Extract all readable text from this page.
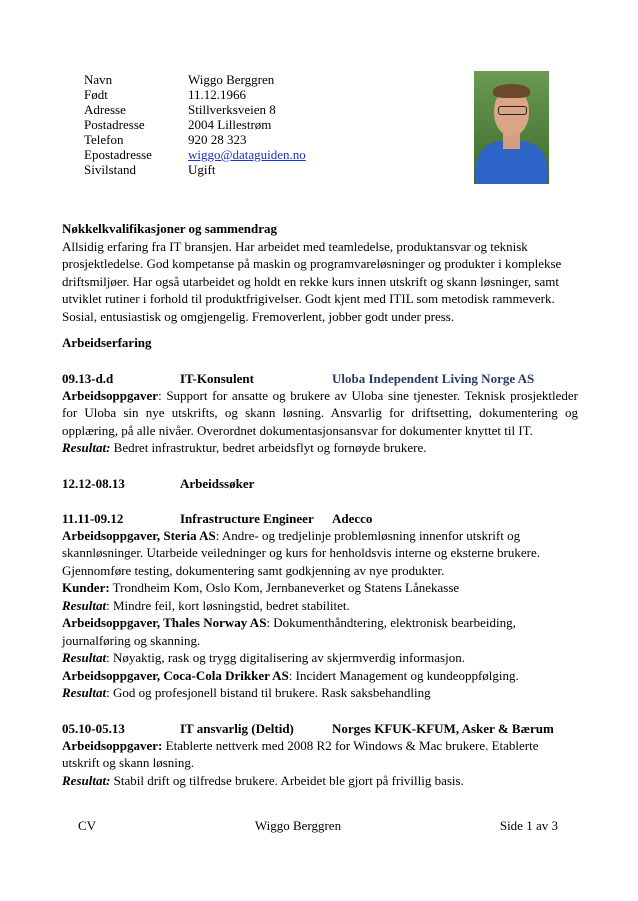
Navn	Wiggo Berggren
Født	11.12.1966
Adresse	Stillverksveien 8
Postadresse	2004 Lillestrøm
Telefon	920 28 323
Epostadresse	wiggo@dataguiden.no
Sivilstand	Ugift

Nøkkelkvalifikasjoner og sammendrag

Allsidig erfaring fra IT bransjen. Har arbeidet med teamledelse, produktansvar og teknisk prosjektledelse. God kompetanse på maskin og programvareløsninger og produkter i komplekse driftsmiljøer. Har også utarbeidet og holdt en rekke kurs innen utskrift og skann løsninger, samt utviklet rutiner i forhold til produktfrigivelser. Godt kjent med ITIL som metodisk rammeverk. Sosial, entusiastisk og omgjengelig. Fremoverlent, jobber godt under press.

Arbeidserfaring

09.13-d.d	IT-Konsulent	Uloba Independent Living Norge AS

Arbeidsoppgaver: Support for ansatte og brukere av Uloba sine tjenester. Teknisk prosjektleder for Uloba sin nye utskrifts, og skann løsning. Ansvarlig for driftsetting, dokumentering og opplæring, på alle nivåer. Overordnet dokumentasjonsansvar for dokumenter knyttet til IT.

Resultat: Bedret infrastruktur, bedret arbeidsflyt og fornøyde brukere.

12.12-08.13	Arbeidssøker
11.11-09.12	Infrastructure Engineer	Adecco

Arbeidsoppgaver, Steria AS: Andre- og tredjelinje problemløsning innenfor utskrift og skannløsninger. Utarbeide veiledninger og kurs for henholdsvis interne og eksterne brukere. Gjennomføre testing, dokumentering samt godkjenning av nye produkter.

Kunder: Trondheim Kom, Oslo Kom, Jernbaneverket og Statens Lånekasse

Resultat: Mindre feil, kort løsningstid, bedret stabilitet.

Arbeidsoppgaver, Thales Norway AS: Dokumenthåndtering, elektronisk bearbeiding, journalføring og skanning.

Resultat: Nøyaktig, rask og trygg digitalisering av skjermverdig informasjon.

Arbeidsoppgaver, Coca-Cola Drikker AS: Incidert Management og kundeoppfølging.

Resultat: God og profesjonell bistand til brukere. Rask saksbehandling

05.10-05.13	IT ansvarlig (Deltid)	Norges KFUK-KFUM, Asker & Bærum

Arbeidsoppgaver: Etablerte nettverk med 2008 R2 for Windows & Mac brukere. Etablerte utskrift og skann løsning.

Resultat: Stabil drift og tilfredse brukere. Arbeidet ble gjort på frivillig basis.

CV	Wiggo Berggren	Side 1 av 3
